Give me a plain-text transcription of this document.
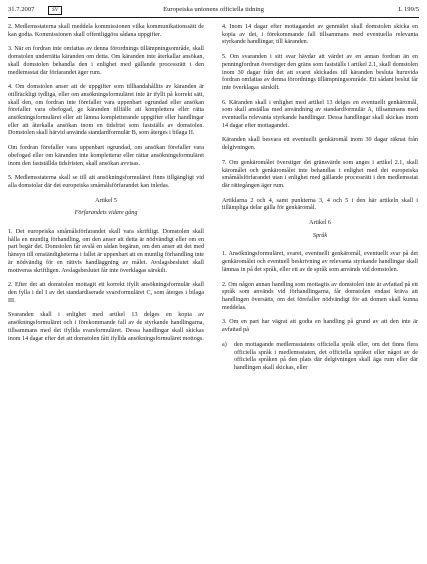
31.7.2007	SV	Europeiska unionens officiella tidning	L 199/5

2. Medlemsstaterna skall meddela kommissionen vilka kommunikationssätt de kan godta. Kommissionen skall offentliggöra sådana uppgifter.

3. När en fordran inte omfattas av denna förordnings tillämpningsområde, skall domstolen underrätta käranden om detta. Om käranden inte återkallar ansökan, skall domstolen behandla den i enlighet med gällande processrätt i den medlemsstat där förfarandet äger rum.

4. Om domstolen anser att de uppgifter som tillhandahållits av käranden är otillräckligt tydliga, eller om ansökningsformuläret inte är ifyllt på korrekt sätt, skall den, om fordran inte förefaller vara uppenbart ogrundad eller ansökan förefaller vara obefogad, ge käranden tillfälle att komplettera eller rätta ansökningsformuläret eller att lämna kompletterande uppgifter eller handlingar eller att återkalla ansökan inom en tidsfrist som fastställs av domstolen. Domstolen skall härvid använda standardformulär B, som återges i bilaga II.

Om fordran förefaller vara uppenbart ogrundad, om ansökan förefaller vara obefogad eller om käranden inte kompletterar eller rättar ansökningsformuläret inom den fastställda tidsfristen, skall ansökan avvisas.

5. Medlemsstaterna skall se till att ansökningsformuläret finns tillgängligt vid alla domstolar där det europeiska småmålsförfarandet kan inledas.

Artikel 5

Förfarandets vidare gång

1. Det europeiska småmålsförfarandet skall vara skriftligt. Domstolen skall hålla en muntlig förhandling, om den anser att detta är nödvändigt eller om en part begär det. Domstolen får avslå en sådan begäran, om den anser att det med hänsyn till omständigheterna i fallet är uppenbart att en muntlig förhandling inte är nödvändig för en rättvis handläggning av målet. Avslagsbeslutet skall motiveras skriftligen. Avslagsbeslutet får inte överklagas särskilt.

2. Efter det att domstolen mottagit ett korrekt ifyllt ansökningsformulär skall den fylla i del I av det standardiserade svarsformuläret C, som återges i bilaga III.

Svaranden skall i enlighet med artikel 13 delges en kopia av ansökningsformuläret och i förekommande fall av de styrkande handlingarna, tillsammans med det ifyllda svarsformuläret. Dessa handlingar skall skickas inom 14 dagar efter det att domstolen fått ifyllda ansökningsformuläret mottogs.

4. Inom 14 dagar efter mottagandet av genmälet skall domstolen skicka en kopia av det, i förekommande fall tillsammans med eventuella relevanta styrkande handlingar, till käranden.

5. Om svaranden i sitt svar hävdar att värdet av en annan fordran än en penningfordran överstiger den gräns som fastställs i artikel 2.1, skall domstolen inom 30 dagar från det att svaret skickades till käranden besluta huruvida fordran omfattas av denna förordnings tillämpningsområde. Ett sådant beslut får inte överklagas särskilt.

6. Käranden skall i enlighet med artikel 13 delges en eventuellt genkäromål, som skall anställas med användning av standardformulär A, tillsammans med eventuella relevanta styrkande handlingar. Dessa handlingar skall skickas inom 14 dagar efter mottagandet.

Käranden skall besvara ett eventuellt genkäromål inom 30 dagar räknat från delgivningen.

7. Om genkäromålet överstiger det gränsvärde som anges i artikel 2.1, skall käromålet och genkäromålet inte behandlas i enlighet med det europeiska småmålsförfarandet utan i enlighet med gällande processrätt i den medlemsstat där rättegången äger rum.

Artiklarna 2 och 4, samt punkterna 3, 4 och 5 i den här artikeln skall i tillämpliga delar gälla för genkäromål.

Artikel 6

Språk

1. Ansökningsformuläret, svaret, eventuellt genkäromål, eventuellt svar på det genkäromålet och eventuell beskrivning av relevanta styrkande handlingar skall lämnas in på det språk, eller ett av de språk som används vid domstolen.

2. Om någon annan handling som mottagits av domstolen inte är avfattad på ett språk som används vid förhandlingarna, får domstolen endast kräva att handlingen översätts, om det förefaller nödvändigt för att domen skall kunna meddelas.

3. Om en part har vägrat att godta en handling på grund av att den inte är avfattad på

a)	den mottagande medlemsstatens officiella språk eller, om det finns flera officiella språk i medlemsstaten, det officiella språket eller något av de officiella språken på den plats där delgivningen skall äga rum eller där handlingen skall skickas, eller
